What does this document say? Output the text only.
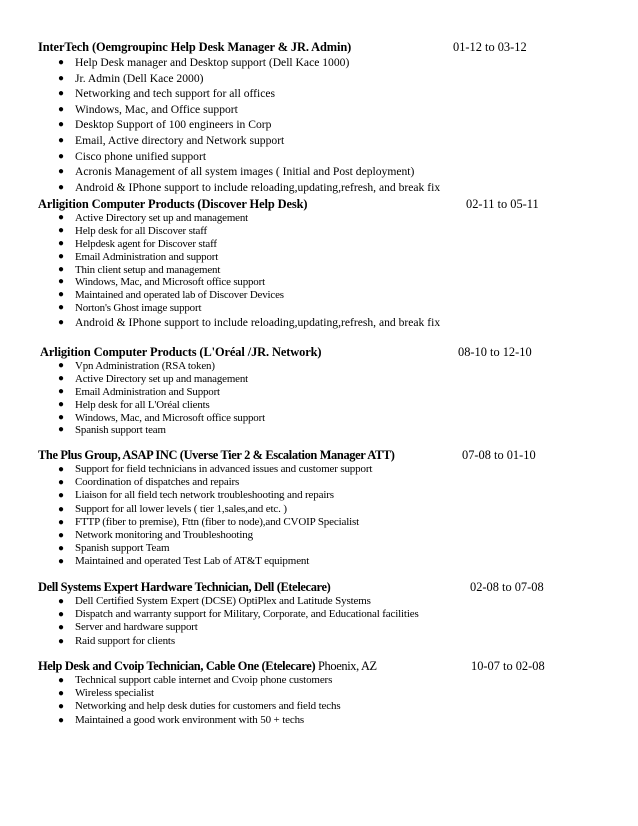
InterTech (Oemgroupinc Help Desk Manager & JR. Admin)	01-12 to 03-12
● Help Desk manager and Desktop support (Dell Kace 1000)
● Jr. Admin (Dell Kace 2000)
● Networking and tech support for all offices
● Windows, Mac, and Office support
● Desktop Support of 100 engineers in Corp
● Email, Active directory and Network support
● Cisco phone unified support
● Acronis Management of all system images ( Initial and Post deployment)
● Android & IPhone support to include reloading,updating,refresh, and break fix
Arligition Computer Products (Discover Help Desk)	02-11 to 05-11
● Active Directory set up and management
● Help desk for all Discover staff
● Helpdesk agent for Discover staff
● Email Administration and support
● Thin client setup and management
● Windows, Mac, and Microsoft office support
● Maintained and operated lab of Discover Devices
● Norton's Ghost image support
● Android & IPhone support to include reloading,updating,refresh, and break fix
Arligition Computer Products (L'Oréal /JR. Network)	08-10 to 12-10
● Vpn Administration (RSA token)
● Active Directory set up and management
● Email Administration and Support
● Help desk for all L'Oréal clients
● Windows, Mac, and Microsoft office support
● Spanish support team
The Plus Group, ASAP INC (Uverse Tier 2 & Escalation Manager ATT)	07-08 to 01-10
● Support for field technicians in advanced issues and customer support
● Coordination of dispatches and repairs
● Liaison for all field tech network troubleshooting and repairs
● Support for all lower levels ( tier 1,sales,and etc. )
● FTTP (fiber to premise), Fttn (fiber to node),and CVOIP Specialist
● Network monitoring and Troubleshooting
● Spanish support Team
● Maintained and operated Test Lab of AT&T equipment
Dell Systems Expert Hardware Technician, Dell (Etelecare)	02-08 to 07-08
● Dell Certified System Expert (DCSE) OptiPlex and Latitude Systems
● Dispatch and warranty support for Military, Corporate, and Educational facilities
● Server and hardware support
● Raid support for clients
Help Desk and Cvoip Technician, Cable One (Etelecare) Phoenix, AZ	10-07 to 02-08
● Technical support cable internet and Cvoip phone customers
● Wireless specialist
● Networking and help desk duties for customers and field techs
● Maintained a good work environment with 50 + techs
